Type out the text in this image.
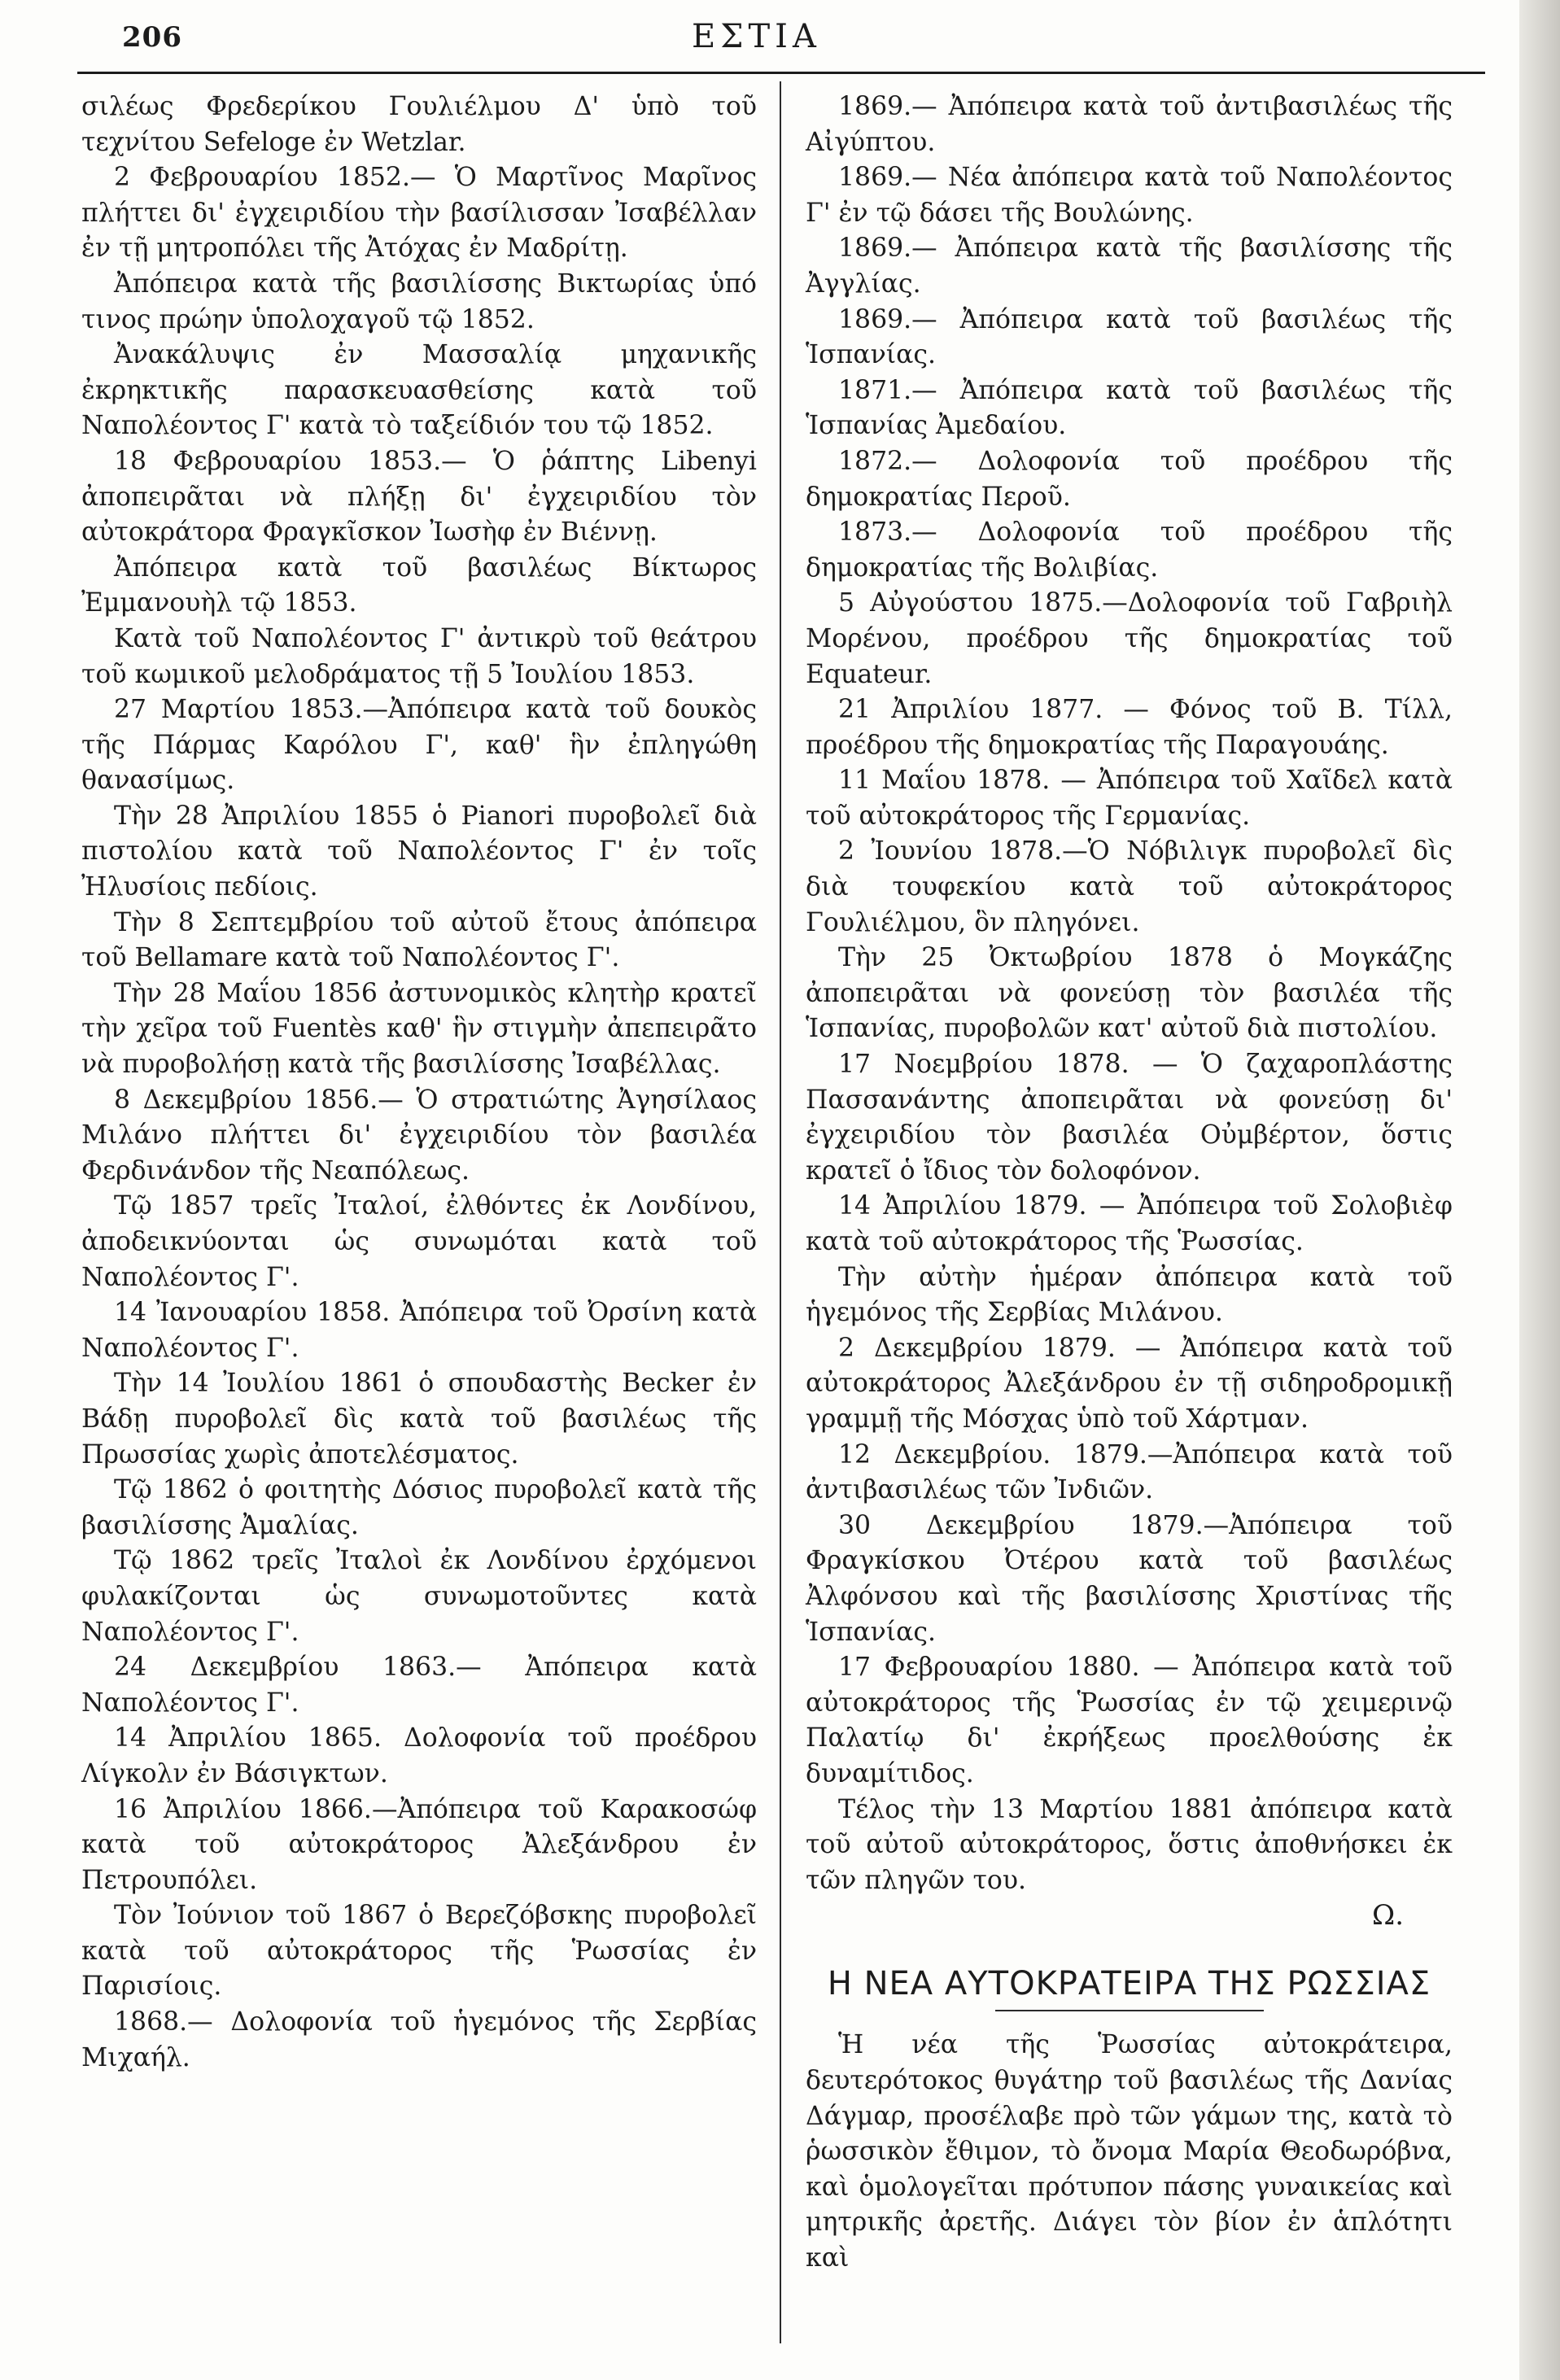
206	ΕΣΤΙΑ

σιλέως Φρεδερίκου Γουλιέλμου Δ' ὑπὸ τοῦ τεχνίτου Sefeloge ἐν Wetzlar.

2 Φεβρουαρίου 1852.— Ὁ Μαρτῖνος Μαρῖνος πλήττει δι' ἐγχειριδίου τὴν βασίλισσαν Ἰσαβέλλαν ἐν τῇ μητροπόλει τῆς Ἀτόχας ἐν Μαδρίτῃ.

Ἀπόπειρα κατὰ τῆς βασιλίσσης Βικτωρίας ὑπό τινος πρώην ὑπολοχαγοῦ τῷ 1852.

Ἀνακάλυψις ἐν Μασσαλίᾳ μηχανικῆς ἐκρηκτικῆς παρασκευασθείσης κατὰ τοῦ Ναπολέοντος Γ' κατὰ τὸ ταξείδιόν του τῷ 1852.

18 Φεβρουαρίου 1853.— Ὁ ῥάπτης Libenyi ἀποπειρᾶται νὰ πλήξῃ δι' ἐγχειριδίου τὸν αὐτοκράτορα Φραγκῖσκον Ἰωσὴφ ἐν Βιέννῃ.

Ἀπόπειρα κατὰ τοῦ βασιλέως Βίκτωρος Ἐμμανουὴλ τῷ 1853.

Κατὰ τοῦ Ναπολέοντος Γ' ἀντικρὺ τοῦ θεάτρου τοῦ κωμικοῦ μελοδράματος τῇ 5 Ἰουλίου 1853.

27 Μαρτίου 1853.—Ἀπόπειρα κατὰ τοῦ δουκὸς τῆς Πάρμας Καρόλου Γ', καθ' ἣν ἐπληγώθη θανασίμως.

Τὴν 28 Ἀπριλίου 1855 ὁ Pianori πυροβολεῖ διὰ πιστολίου κατὰ τοῦ Ναπολέοντος Γ' ἐν τοῖς Ἠλυσίοις πεδίοις.

Τὴν 8 Σεπτεμβρίου τοῦ αὐτοῦ ἔτους ἀπόπειρα τοῦ Bellamare κατὰ τοῦ Ναπολέοντος Γ'.

Τὴν 28 Μαΐου 1856 ἀστυνομικὸς κλητὴρ κρατεῖ τὴν χεῖρα τοῦ Fuentès καθ' ἣν στιγμὴν ἀπεπειρᾶτο νὰ πυροβολήσῃ κατὰ τῆς βασιλίσσης Ἰσαβέλλας.

8 Δεκεμβρίου 1856.— Ὁ στρατιώτης Ἀγησίλαος Μιλάνο πλήττει δι' ἐγχειριδίου τὸν βασιλέα Φερδινάνδον τῆς Νεαπόλεως.

Τῷ 1857 τρεῖς Ἰταλοί, ἐλθόντες ἐκ Λονδίνου, ἀποδεικνύονται ὡς συνωμόται κατὰ τοῦ Ναπολέοντος Γ'.

14 Ἰανουαρίου 1858. Ἀπόπειρα τοῦ Ὀρσίνη κατὰ Ναπολέοντος Γ'.

Τὴν 14 Ἰουλίου 1861 ὁ σπουδαστὴς Becker ἐν Βάδῃ πυροβολεῖ δὶς κατὰ τοῦ βασιλέως τῆς Πρωσσίας χωρὶς ἀποτελέσματος.

Τῷ 1862 ὁ φοιτητὴς Δόσιος πυροβολεῖ κατὰ τῆς βασιλίσσης Ἀμαλίας.

Τῷ 1862 τρεῖς Ἰταλοὶ ἐκ Λονδίνου ἐρχόμενοι φυλακίζονται ὡς συνωμοτοῦντες κατὰ Ναπολέοντος Γ'.

24 Δεκεμβρίου 1863.— Ἀπόπειρα κατὰ Ναπολέοντος Γ'.

14 Ἀπριλίου 1865. Δολοφονία τοῦ προέδρου Λίγκολν ἐν Βάσιγκτων.

16 Ἀπριλίου 1866.—Ἀπόπειρα τοῦ Καρακοσώφ κατὰ τοῦ αὐτοκράτορος Ἀλεξάνδρου ἐν Πετρουπόλει.

Τὸν Ἰούνιον τοῦ 1867 ὁ Βερεζόβσκης πυροβολεῖ κατὰ τοῦ αὐτοκράτορος τῆς Ῥωσσίας ἐν Παρισίοις.

1868.— Δολοφονία τοῦ ἡγεμόνος τῆς Σερβίας Μιχαήλ.

1869.— Ἀπόπειρα κατὰ τοῦ ἀντιβασιλέως τῆς Αἰγύπτου.

1869.— Νέα ἀπόπειρα κατὰ τοῦ Ναπολέοντος Γ' ἐν τῷ δάσει τῆς Βουλώνης.

1869.— Ἀπόπειρα κατὰ τῆς βασιλίσσης τῆς Ἀγγλίας.

1869.— Ἀπόπειρα κατὰ τοῦ βασιλέως τῆς Ἱσπανίας.

1871.— Ἀπόπειρα κατὰ τοῦ βασιλέως τῆς Ἱσπανίας Ἀμεδαίου.

1872.— Δολοφονία τοῦ προέδρου τῆς δημοκρατίας Περοῦ.

1873.— Δολοφονία τοῦ προέδρου τῆς δημοκρατίας τῆς Βολιβίας.

5 Αὐγούστου 1875.—Δολοφονία τοῦ Γαβριὴλ Μορένου, προέδρου τῆς δημοκρατίας τοῦ Equateur.

21 Ἀπριλίου 1877. — Φόνος τοῦ Β. Τίλλ, προέδρου τῆς δημοκρατίας τῆς Παραγουάης.

11 Μαΐου 1878. — Ἀπόπειρα τοῦ Χαῖδελ κατὰ τοῦ αὐτοκράτορος τῆς Γερμανίας.

2 Ἰουνίου 1878.—Ὁ Νόβιλιγκ πυροβολεῖ δὶς διὰ τουφεκίου κατὰ τοῦ αὐτοκράτορος Γουλιέλμου, ὃν πληγόνει.

Τὴν 25 Ὀκτωβρίου 1878 ὁ Μογκάζης ἀποπειρᾶται νὰ φονεύσῃ τὸν βασιλέα τῆς Ἱσπανίας, πυροβολῶν κατ' αὐτοῦ διὰ πιστολίου.

17 Νοεμβρίου 1878. — Ὁ ζαχαροπλάστης Πασσανάντης ἀποπειρᾶται νὰ φονεύσῃ δι' ἐγχειριδίου τὸν βασιλέα Οὐμβέρτον, ὅστις κρατεῖ ὁ ἴδιος τὸν δολοφόνον.

14 Ἀπριλίου 1879. — Ἀπόπειρα τοῦ Σολοβιὲφ κατὰ τοῦ αὐτοκράτορος τῆς Ῥωσσίας.

Τὴν αὐτὴν ἡμέραν ἀπόπειρα κατὰ τοῦ ἡγεμόνος τῆς Σερβίας Μιλάνου.

2 Δεκεμβρίου 1879. — Ἀπόπειρα κατὰ τοῦ αὐτοκράτορος Ἀλεξάνδρου ἐν τῇ σιδηροδρομικῇ γραμμῇ τῆς Μόσχας ὑπὸ τοῦ Χάρτμαν.

12 Δεκεμβρίου. 1879.—Ἀπόπειρα κατὰ τοῦ ἀντιβασιλέως τῶν Ἰνδιῶν.

30 Δεκεμβρίου 1879.—Ἀπόπειρα τοῦ Φραγκίσκου Ὀτέρου κατὰ τοῦ βασιλέως Ἀλφόνσου καὶ τῆς βασιλίσσης Χριστίνας τῆς Ἱσπανίας.

17 Φεβρουαρίου 1880. — Ἀπόπειρα κατὰ τοῦ αὐτοκράτορος τῆς Ῥωσσίας ἐν τῷ χειμερινῷ Παλατίῳ δι' ἐκρήξεως προελθούσης ἐκ δυναμίτιδος.

Τέλος τὴν 13 Μαρτίου 1881 ἀπόπειρα κατὰ τοῦ αὐτοῦ αὐτοκράτορος, ὅστις ἀποθνήσκει ἐκ τῶν πληγῶν του.

Ω.

Η ΝΕΑ ΑΥΤΟΚΡΑΤΕΙΡΑ ΤΗΣ ΡΩΣΣΙΑΣ

Ἡ νέα τῆς Ῥωσσίας αὐτοκράτειρα, δευτερότοκος θυγάτηρ τοῦ βασιλέως τῆς Δανίας Δάγμαρ, προσέλαβε πρὸ τῶν γάμων της, κατὰ τὸ ῥωσσικὸν ἔθιμον, τὸ ὄνομα Μαρία Θεοδωρόβνα, καὶ ὁμολογεῖται πρότυπον πάσης γυναικείας καὶ μητρικῆς ἀρετῆς. Διάγει τὸν βίον ἐν ἁπλότητι καὶ
